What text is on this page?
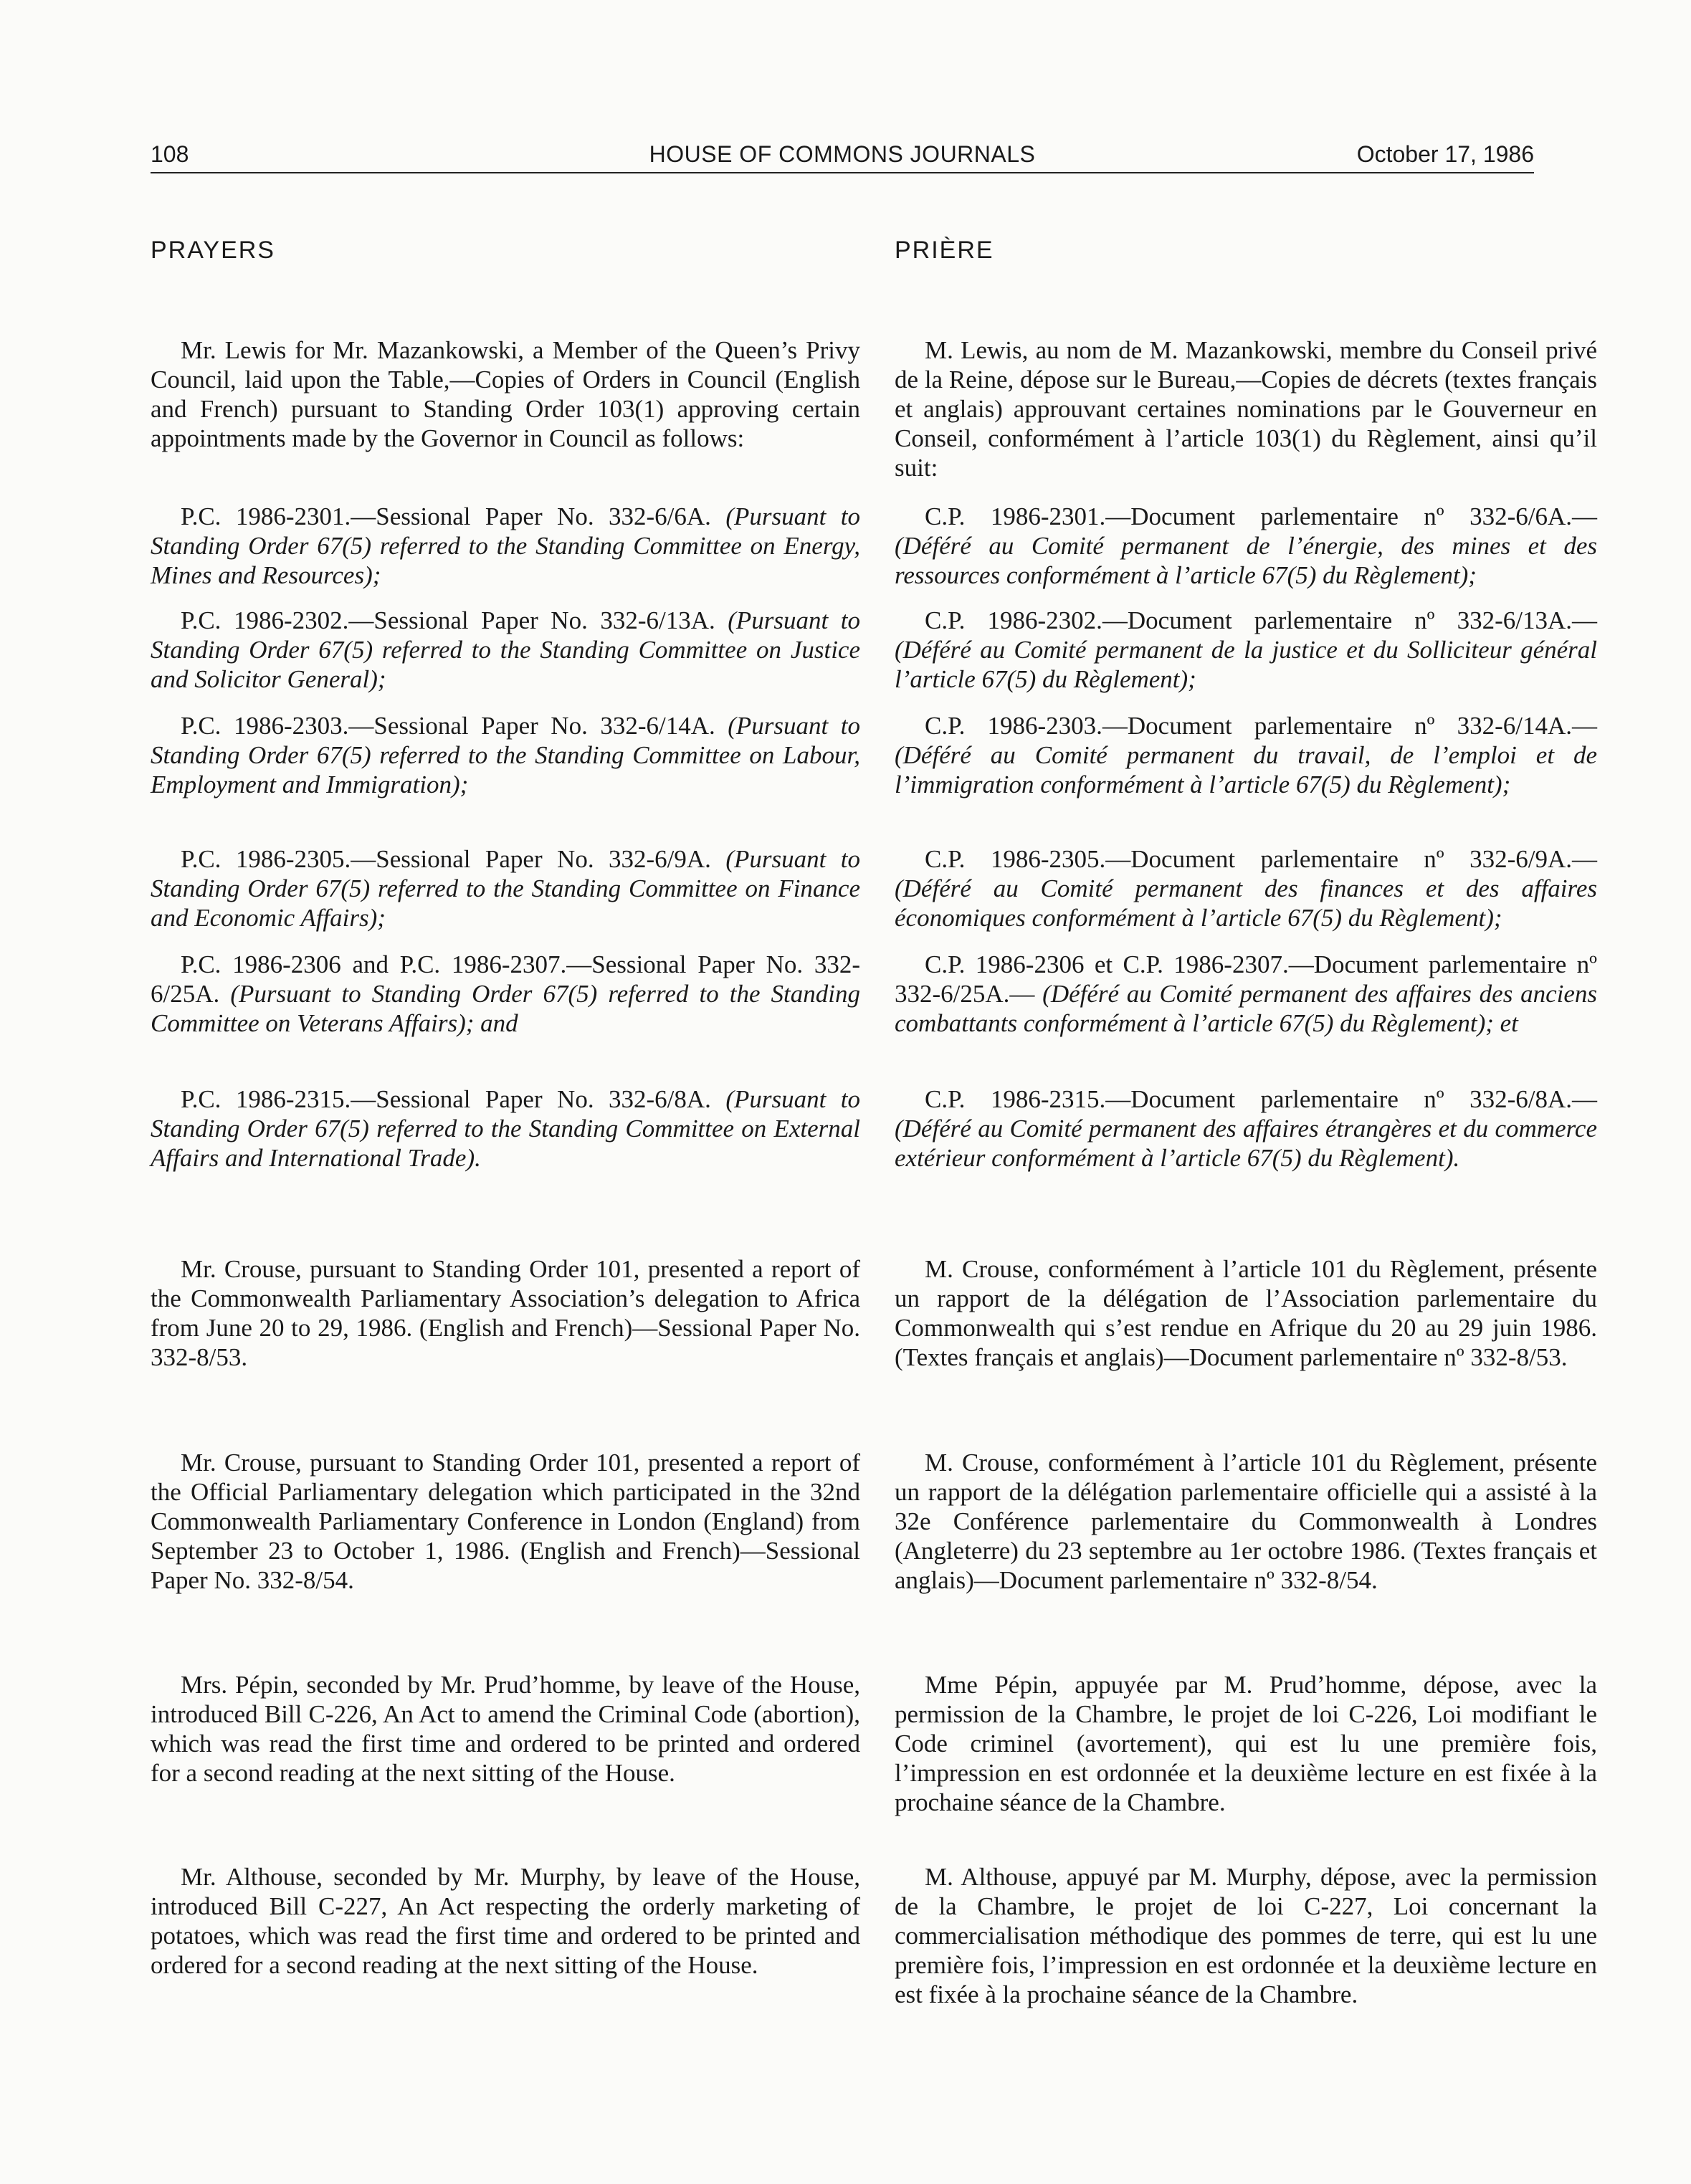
108	HOUSE OF COMMONS JOURNALS	October 17, 1986
PRAYERS

Mr. Lewis for Mr. Mazankowski, a Member of the Queen’s Privy Council, laid upon the Table,—Copies of Orders in Council (English and French) pursuant to Standing Order 103(1) approving certain appointments made by the Governor in Council as follows:

P.C. 1986-2301.—Sessional Paper No. 332-6/6A. (Pursuant to Standing Order 67(5) referred to the Standing Committee on Energy, Mines and Resources);

P.C. 1986-2302.—Sessional Paper No. 332-6/13A. (Pursuant to Standing Order 67(5) referred to the Standing Committee on Justice and Solicitor General);

P.C. 1986-2303.—Sessional Paper No. 332-6/14A. (Pursuant to Standing Order 67(5) referred to the Standing Committee on Labour, Employment and Immigration);

P.C. 1986-2305.—Sessional Paper No. 332-6/9A. (Pursuant to Standing Order 67(5) referred to the Standing Committee on Finance and Economic Affairs);

P.C. 1986-2306 and P.C. 1986-2307.—Sessional Paper No. 332-6/25A. (Pursuant to Standing Order 67(5) referred to the Standing Committee on Veterans Affairs); and

P.C. 1986-2315.—Sessional Paper No. 332-6/8A. (Pursuant to Standing Order 67(5) referred to the Standing Committee on External Affairs and International Trade).

Mr. Crouse, pursuant to Standing Order 101, presented a report of the Commonwealth Parliamentary Association’s delegation to Africa from June 20 to 29, 1986. (English and French)—Sessional Paper No. 332-8/53.

Mr. Crouse, pursuant to Standing Order 101, presented a report of the Official Parliamentary delegation which participated in the 32nd Commonwealth Parliamentary Conference in London (England) from September 23 to October 1, 1986. (English and French)—Sessional Paper No. 332-8/54.

Mrs. Pépin, seconded by Mr. Prud’homme, by leave of the House, introduced Bill C-226, An Act to amend the Criminal Code (abortion), which was read the first time and ordered to be printed and ordered for a second reading at the next sitting of the House.

Mr. Althouse, seconded by Mr. Murphy, by leave of the House, introduced Bill C-227, An Act respecting the orderly marketing of potatoes, which was read the first time and ordered to be printed and ordered for a second reading at the next sitting of the House.

PRIÈRE

M. Lewis, au nom de M. Mazankowski, membre du Conseil privé de la Reine, dépose sur le Bureau,—Copies de décrets (textes français et anglais) approuvant certaines nominations par le Gouverneur en Conseil, conformément à l’article 103(1) du Règlement, ainsi qu’il suit:

C.P. 1986-2301.—Document parlementaire nº 332-6/6A.— (Déféré au Comité permanent de l’énergie, des mines et des ressources conformément à l’article 67(5) du Règlement);

C.P. 1986-2302.—Document parlementaire nº 332-6/13A.— (Déféré au Comité permanent de la justice et du Solliciteur général l’article 67(5) du Règlement);

C.P. 1986-2303.—Document parlementaire nº 332-6/14A.— (Déféré au Comité permanent du travail, de l’emploi et de l’immigration conformément à l’article 67(5) du Règlement);

C.P. 1986-2305.—Document parlementaire nº 332-6/9A.— (Déféré au Comité permanent des finances et des affaires économiques conformément à l’article 67(5) du Règlement);

C.P. 1986-2306 et C.P. 1986-2307.—Document parlementaire nº 332-6/25A.— (Déféré au Comité permanent des affaires des anciens combattants conformément à l’article 67(5) du Règlement); et

C.P. 1986-2315.—Document parlementaire nº 332-6/8A.— (Déféré au Comité permanent des affaires étrangères et du commerce extérieur conformément à l’article 67(5) du Règlement).

M. Crouse, conformément à l’article 101 du Règlement, présente un rapport de la délégation de l’Association parlementaire du Commonwealth qui s’est rendue en Afrique du 20 au 29 juin 1986. (Textes français et anglais)—Document parlementaire nº 332-8/53.

M. Crouse, conformément à l’article 101 du Règlement, présente un rapport de la délégation parlementaire officielle qui a assisté à la 32e Conférence parlementaire du Commonwealth à Londres (Angleterre) du 23 septembre au 1er octobre 1986. (Textes français et anglais)—Document parlementaire nº 332-8/54.

Mme Pépin, appuyée par M. Prud’homme, dépose, avec la permission de la Chambre, le projet de loi C-226, Loi modifiant le Code criminel (avortement), qui est lu une première fois, l’impression en est ordonnée et la deuxième lecture en est fixée à la prochaine séance de la Chambre.

M. Althouse, appuyé par M. Murphy, dépose, avec la permission de la Chambre, le projet de loi C-227, Loi concernant la commercialisation méthodique des pommes de terre, qui est lu une première fois, l’impression en est ordonnée et la deuxième lecture en est fixée à la prochaine séance de la Chambre.
